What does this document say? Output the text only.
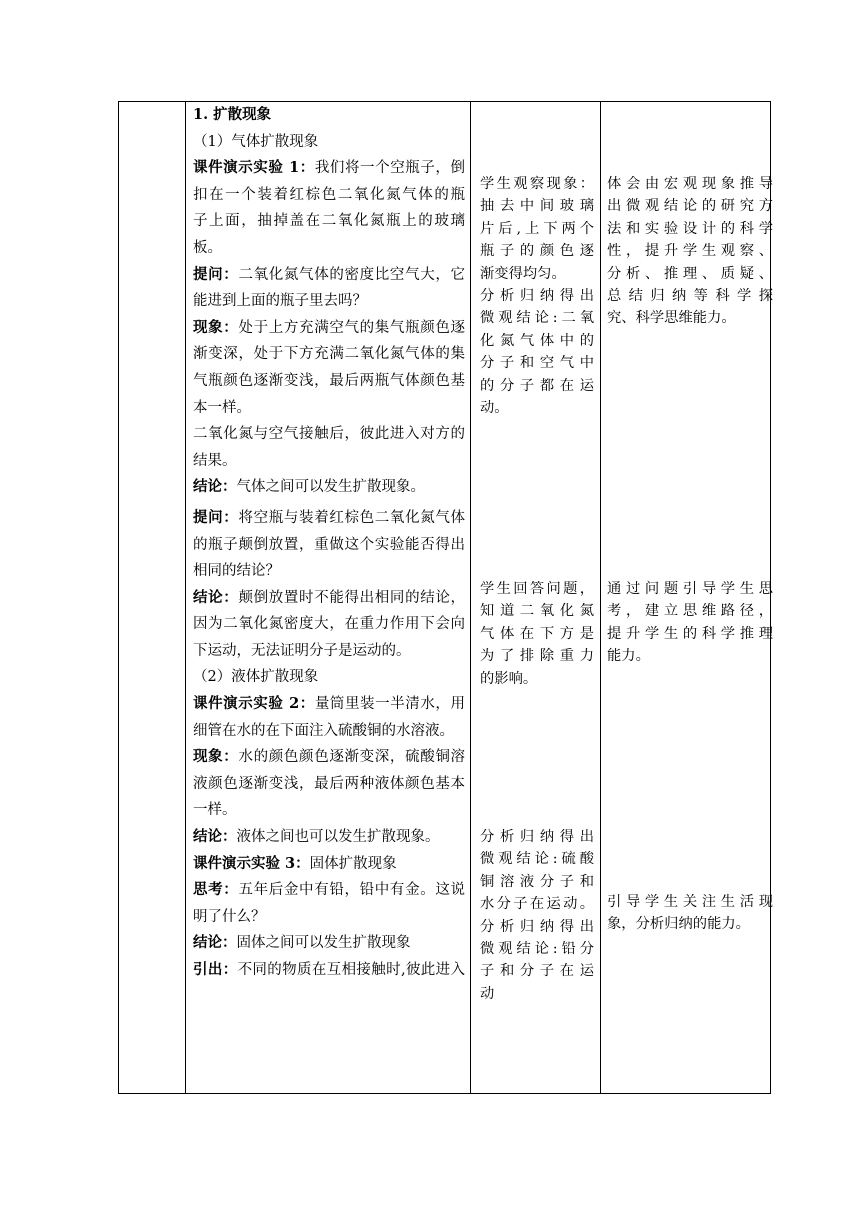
1. 扩散现象
（1）气体扩散现象
课件演示实验 1：我们将一个空瓶子，倒
扣在一个装着红棕色二氧化氮气体的瓶
子上面，抽掉盖在二氧化氮瓶上的玻璃
板。
提问：二氧化氮气体的密度比空气大，它
能进到上面的瓶子里去吗？
现象：处于上方充满空气的集气瓶颜色逐
渐变深，处于下方充满二氧化氮气体的集
气瓶颜色逐渐变浅，最后两瓶气体颜色基
本一样。
二氧化氮与空气接触后，彼此进入对方的
结果。
结论：气体之间可以发生扩散现象。
提问：将空瓶与装着红棕色二氧化氮气体
的瓶子颠倒放置，重做这个实验能否得出
相同的结论？
结论：颠倒放置时不能得出相同的结论，
因为二氧化氮密度大，在重力作用下会向
下运动，无法证明分子是运动的。
（2）液体扩散现象
课件演示实验 2：量筒里装一半清水，用
细管在水的在下面注入硫酸铜的水溶液。
现象：水的颜色颜色逐渐变深，硫酸铜溶
液颜色逐渐变浅，最后两种液体颜色基本
一样。
结论：液体之间也可以发生扩散现象。
课件演示实验 3：固体扩散现象
思考：五年后金中有铅，铅中有金。这说
明了什么？
结论：固体之间可以发生扩散现象
引出：不同的物质在互相接触时,彼此进入
学生观察现象：
抽去中间玻璃
片后,上下两个
瓶子的颜色逐
渐变得均匀。
分析归纳得出
微观结论:二氧
化氮气体中的
分子和空气中
的分子都在运
动。
学生回答问题，
知道二氧化氮
气体在下方是
为了排除重力
的影响。
分析归纳得出
微观结论:硫酸
铜溶液分子和
水分子在运动。
分析归纳得出
微观结论:铅分
子和分子在运
动
体会由宏观现象推导
出微观结论的研究方
法和实验设计的科学
性，提升学生观察、
分析、推理、质疑、
总结归纳等科学探
究、科学思维能力。
通过问题引导学生思
考，建立思维路径，
提升学生的科学推理
能力。
引导学生关注生活现
象，分析归纳的能力。
